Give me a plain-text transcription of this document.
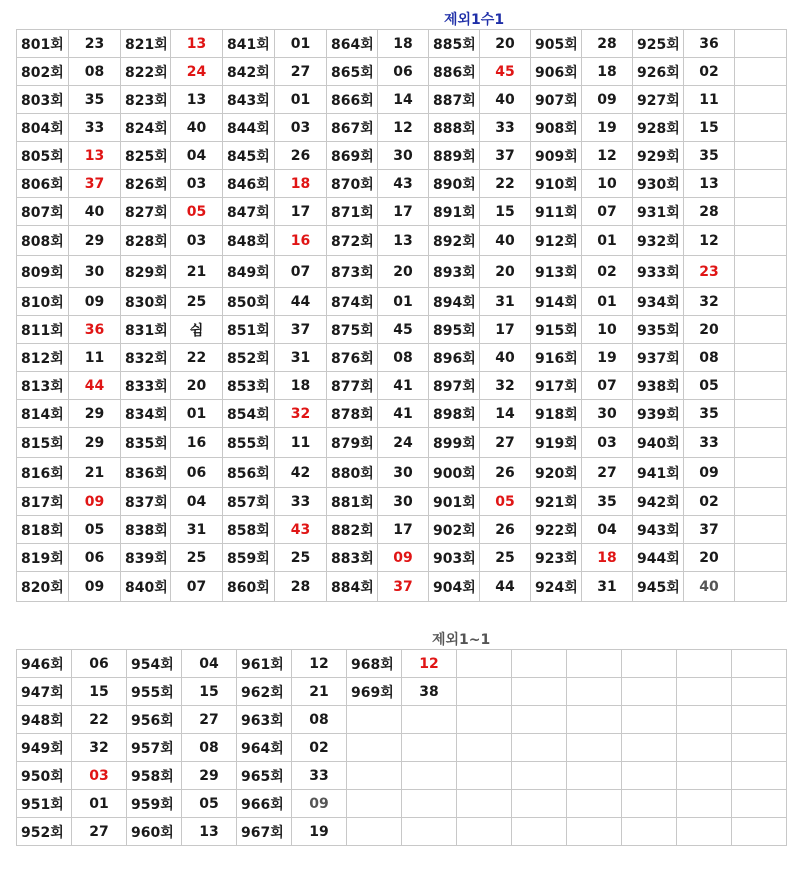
제외1수1
801회	23	821회	13	841회	01	864회	18	885회	20	905회	28	925회	36	
802회	08	822회	24	842회	27	865회	06	886회	45	906회	18	926회	02	
803회	35	823회	13	843회	01	866회	14	887회	40	907회	09	927회	11	
804회	33	824회	40	844회	03	867회	12	888회	33	908회	19	928회	15	
805회	13	825회	04	845회	26	869회	30	889회	37	909회	12	929회	35	
806회	37	826회	03	846회	18	870회	43	890회	22	910회	10	930회	13	
807회	40	827회	05	847회	17	871회	17	891회	15	911회	07	931회	28	
808회	29	828회	03	848회	16	872회	13	892회	40	912회	01	932회	12	
809회	30	829회	21	849회	07	873회	20	893회	20	913회	02	933회	23	
810회	09	830회	25	850회	44	874회	01	894회	31	914회	01	934회	32	
811회	36	831회	쉼	851회	37	875회	45	895회	17	915회	10	935회	20	
812회	11	832회	22	852회	31	876회	08	896회	40	916회	19	937회	08	
813회	44	833회	20	853회	18	877회	41	897회	32	917회	07	938회	05	
814회	29	834회	01	854회	32	878회	41	898회	14	918회	30	939회	35	
815회	29	835회	16	855회	11	879회	24	899회	27	919회	03	940회	33	
816회	21	836회	06	856회	42	880회	30	900회	26	920회	27	941회	09	
817회	09	837회	04	857회	33	881회	30	901회	05	921회	35	942회	02	
818회	05	838회	31	858회	43	882회	17	902회	26	922회	04	943회	37	
819회	06	839회	25	859회	25	883회	09	903회	25	923회	18	944회	20	
820회	09	840회	07	860회	28	884회	37	904회	44	924회	31	945회	40	
제외1~1
946회	06	954회	04	961회	12	968회	12						
947회	15	955회	15	962회	21	969회	38						
948회	22	956회	27	963회	08								
949회	32	957회	08	964회	02								
950회	03	958회	29	965회	33								
951회	01	959회	05	966회	09								
952회	27	960회	13	967회	19								
